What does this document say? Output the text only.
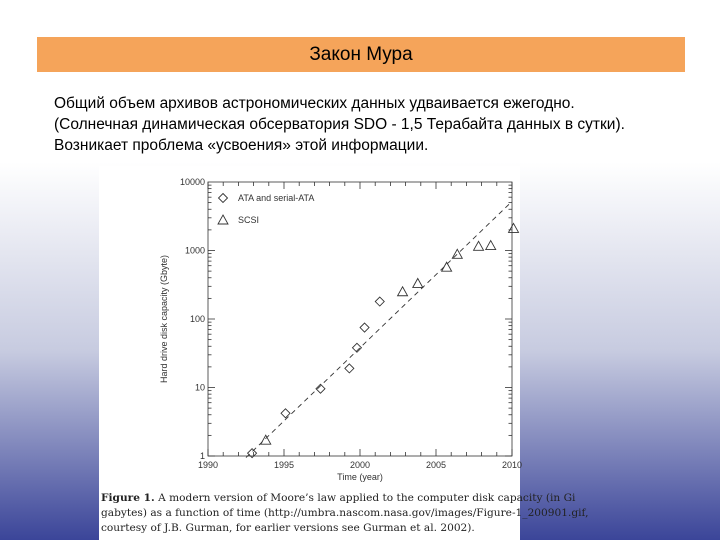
Закон Мура
Общий объем архивов астрономических данных удваивается ежегодно.
(Солнечная динамическая обсерватория SDO - 1,5 Терабайта данных в сутки).
Возникает проблема «усвоения» этой информации.
1990	1995	2000	2005	2010
1
10
100
1000
10000
Time (year)
Hard drive disk capacity (Gbyte)
ATA and serial-ATA
SCSI
Figure 1. A modern version of Moore’s law applied to the computer disk capacity (in Gi
gabytes) as a function of time (http://umbra.nascom.nasa.gov/images/Figure-1_200901.gif,
courtesy of J.B. Gurman, for earlier versions see Gurman et al. 2002).
